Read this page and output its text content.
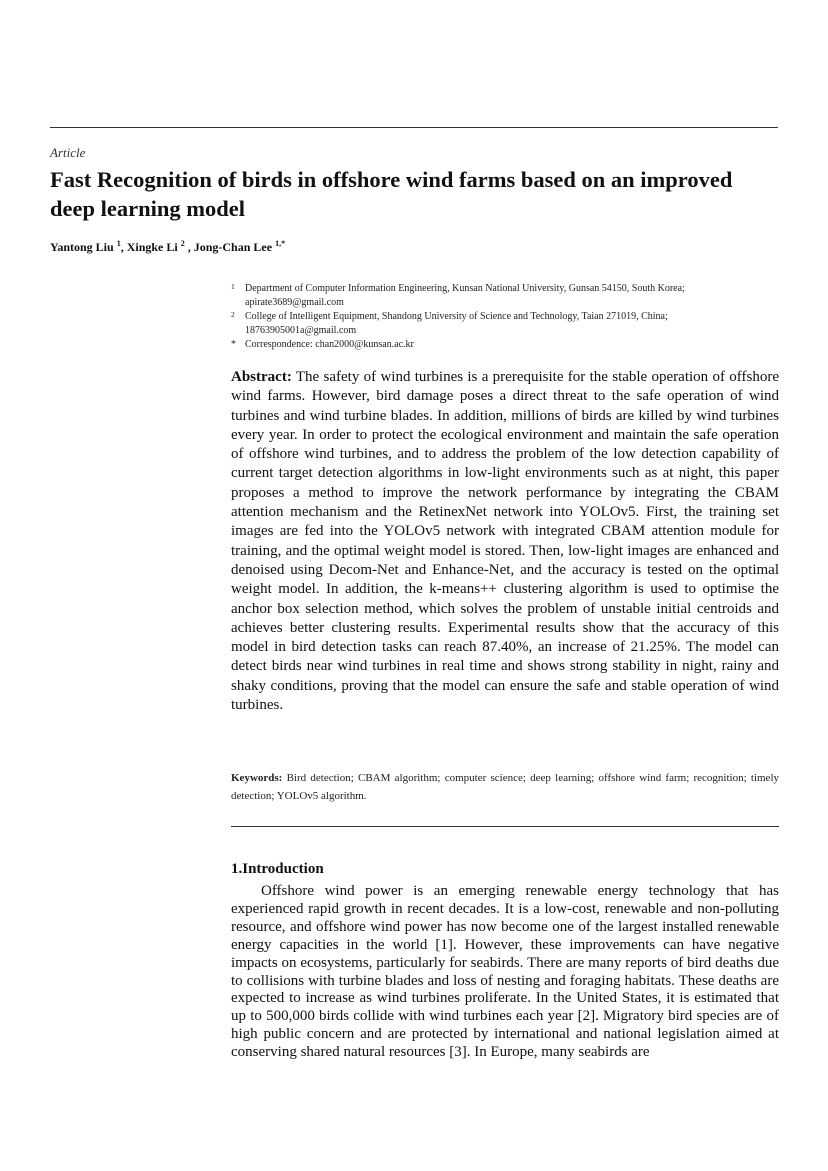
Article
Fast Recognition of birds in offshore wind farms based on an improved deep learning model
Yantong Liu $^1$, Xingke Li $^2$ , Jong-Chan Lee $^{1,*}$
1 Department of Computer Information Engineering, Kunsan National University, Gunsan 54150, South Korea; apirate3689@gmail.com
2 College of Intelligent Equipment, Shandong University of Science and Technology, Taian 271019, China; 18763905001a@gmail.com
* Correspondence: chan2000@kunsan.ac.kr

Abstract: The safety of wind turbines is a prerequisite for the stable operation of offshore wind farms. However, bird damage poses a direct threat to the safe operation of wind turbines and wind turbine blades. In addition, millions of birds are killed by wind turbines every year. In order to protect the ecological environment and maintain the safe operation of offshore wind turbines, and to address the problem of the low detection capability of current target detection algorithms in low-light environments such as at night, this paper proposes a method to improve the network performance by integrating the CBAM attention mechanism and the RetinexNet network into YOLOv5. First, the training set images are fed into the YOLOv5 network with integrated CBAM attention module for training, and the optimal weight model is stored. Then, low-light images are enhanced and denoised using Decom-Net and Enhance-Net, and the accuracy is tested on the optimal weight model. In addition, the k-means++ clustering algorithm is used to optimise the anchor box selection method, which solves the problem of unstable initial centroids and achieves better clustering results. Experimental results show that the accuracy of this model in bird detection tasks can reach 87.40%, an increase of 21.25%. The model can detect birds near wind turbines in real time and shows strong stability in night, rainy and shaky conditions, proving that the model can ensure the safe and stable operation of wind turbines.

Keywords: Bird detection; CBAM algorithm; computer science; deep learning; offshore wind farm; recognition; timely detection; YOLOv5 algorithm.

1.Introduction

Offshore wind power is an emerging renewable energy technology that has experienced rapid growth in recent decades. It is a low-cost, renewable and non-polluting resource, and offshore wind power has now become one of the largest installed renewable energy capacities in the world [1]. However, these improvements can have negative impacts on ecosystems, particularly for seabirds. There are many reports of bird deaths due to collisions with turbine blades and loss of nesting and foraging habitats. These deaths are expected to increase as wind turbines proliferate. In the United States, it is estimated that up to 500,000 birds collide with wind turbines each year [2]. Migratory bird species are of high public concern and are protected by international and national legislation aimed at conserving shared natural resources [3]. In Europe, many seabirds are
